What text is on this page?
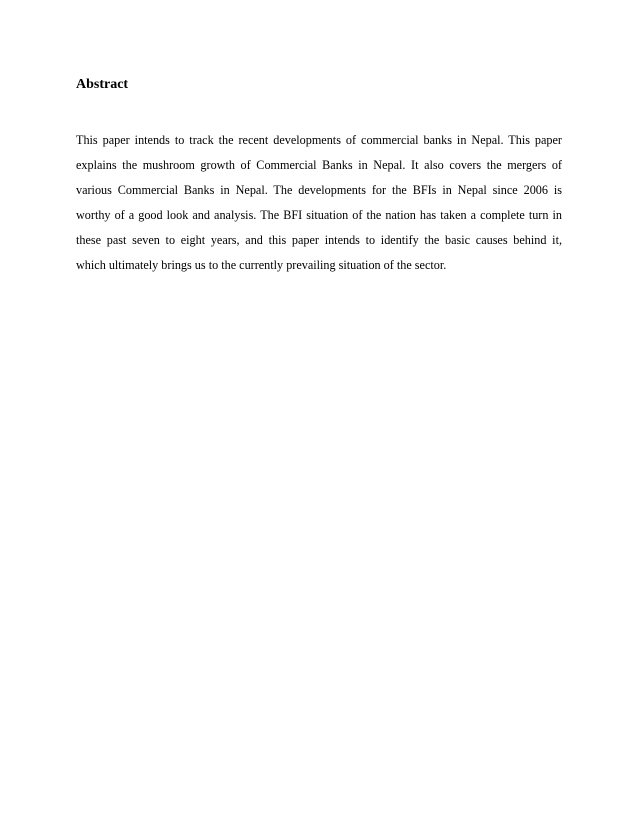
Abstract
This paper intends to track the recent developments of commercial banks in Nepal. This paper
explains the mushroom growth of Commercial Banks in Nepal. It also covers the mergers of
various Commercial Banks in Nepal. The developments for the BFIs in Nepal since 2006 is
worthy of a good look and analysis. The BFI situation of the nation has taken a complete turn in
these past seven to eight years, and this paper intends to identify the basic causes behind it,
which ultimately brings us to the currently prevailing situation of the sector.
